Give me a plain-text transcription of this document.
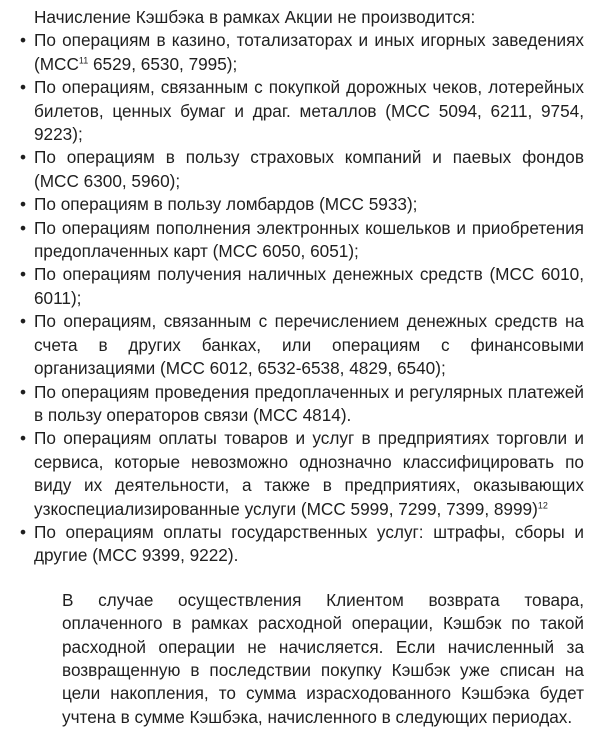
Начисление Кэшбэка в рамках Акции не производится:

• По операциям в казино, тотализаторах и иных игорных заведениях (MCC$^{11}$ 6529, 6530, 7995);
• По операциям, связанным с покупкой дорожных чеков, лотерейных билетов, ценных бумаг и драг. металлов (MCC 5094, 6211, 9754, 9223);
• По операциям в пользу страховых компаний и паевых фондов (MCC 6300, 5960);
• По операциям в пользу ломбардов (MCC 5933);
• По операциям пополнения электронных кошельков и приобретения предоплаченных карт (MCC 6050, 6051);
• По операциям получения наличных денежных средств (MCC 6010, 6011);
• По операциям, связанным с перечислением денежных средств на счета в других банках, или операциям с финансовыми организациями (MCC 6012, 6532-6538, 4829, 6540);
• По операциям проведения предоплаченных и регулярных платежей в пользу операторов связи (MCC 4814).
• По операциям оплаты товаров и услуг в предприятиях торговли и сервиса, которые невозможно однозначно классифицировать по виду их деятельности, а также в предприятиях, оказывающих узкоспециализированные услуги (MCC 5999, 7299, 7399, 8999)$^{12}$
• По операциям оплаты государственных услуг: штрафы, сборы и другие (MCC 9399, 9222).

В случае осуществления Клиентом возврата товара, оплаченного в рамках расходной операции, Кэшбэк по такой расходной операции не начисляется. Если начисленный за возвращенную в последствии покупку Кэшбэк уже списан на цели накопления, то сумма израсходованного Кэшбэка будет учтена в сумме Кэшбэка, начисленного в следующих периодах.
